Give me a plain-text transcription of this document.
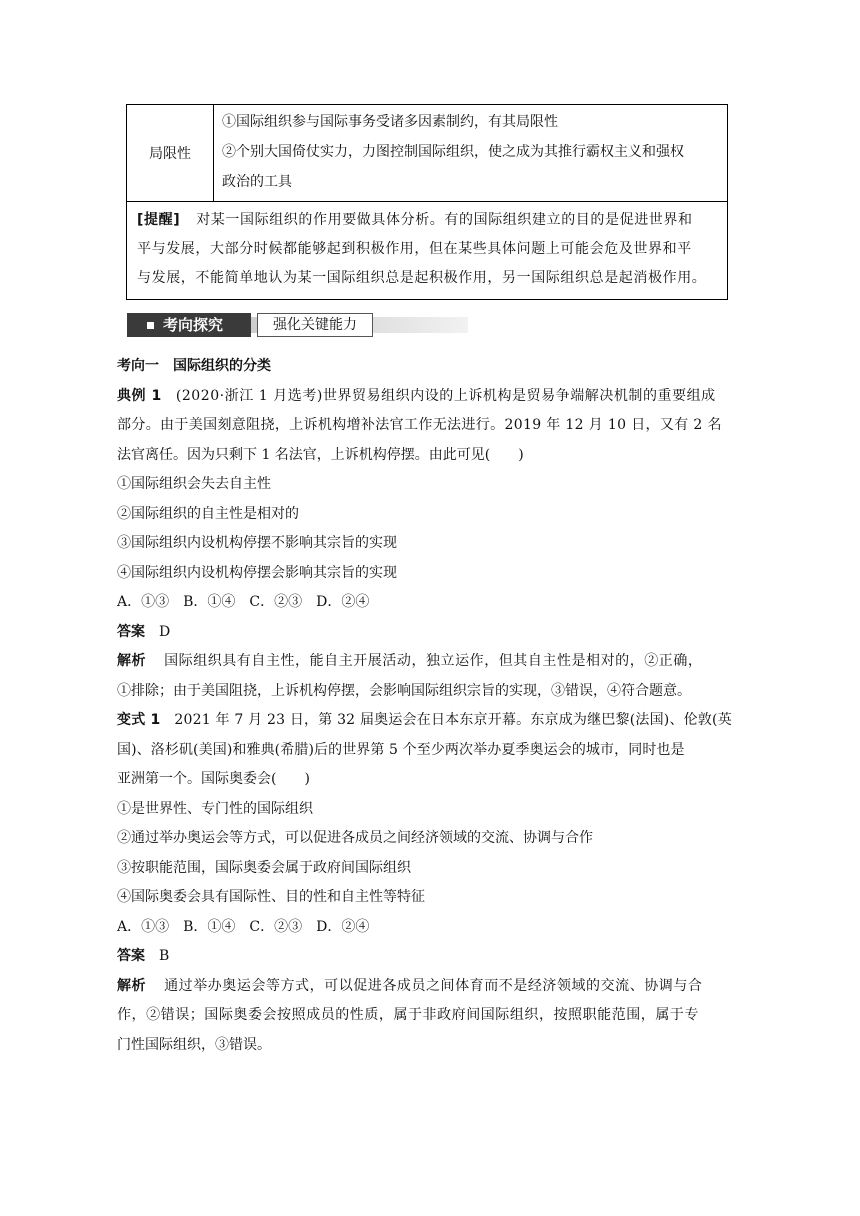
局限性	
①国际组织参与国际事务受诸多因素制约，有其局限性
②个别大国倚仗实力，力图控制国际组织，使之成为其推行霸权主义和强权
政治的工具

[提醒] 对某一国际组织的作用要做具体分析。有的国际组织建立的目的是促进世界和
平与发展，大部分时候都能够起到积极作用，但在某些具体问题上可能会危及世界和平
与发展，不能简单地认为某一国际组织总是起积极作用，另一国际组织总是起消极作用。
考向探究	强化关键能力
考向一 国际组织的分类
典例 1 (2020·浙江 1 月选考)世界贸易组织内设的上诉机构是贸易争端解决机制的重要组成
部分。由于美国刻意阻挠，上诉机构增补法官工作无法进行。2019 年 12 月 10 日，又有 2 名
法官离任。因为只剩下 1 名法官，上诉机构停摆。由此可见(　　)
①国际组织会失去自主性
②国际组织的自主性是相对的
③国际组织内设机构停摆不影响其宗旨的实现
④国际组织内设机构停摆会影响其宗旨的实现
A．①③　B．①④　C．②③　D．②④
答案 D
解析 国际组织具有自主性，能自主开展活动，独立运作，但其自主性是相对的，②正确，
①排除；由于美国阻挠，上诉机构停摆，会影响国际组织宗旨的实现，③错误，④符合题意。
变式 1 2021 年 7 月 23 日，第 32 届奥运会在日本东京开幕。东京成为继巴黎(法国)、伦敦(英
国)、洛杉矶(美国)和雅典(希腊)后的世界第 5 个至少两次举办夏季奥运会的城市，同时也是
亚洲第一个。国际奥委会(　　)
①是世界性、专门性的国际组织
②通过举办奥运会等方式，可以促进各成员之间经济领域的交流、协调与合作
③按职能范围，国际奥委会属于政府间国际组织
④国际奥委会具有国际性、目的性和自主性等特征
A．①③　B．①④　C．②③　D．②④
答案 B
解析 通过举办奥运会等方式，可以促进各成员之间体育而不是经济领域的交流、协调与合
作，②错误；国际奥委会按照成员的性质，属于非政府间国际组织，按照职能范围，属于专
门性国际组织，③错误。
